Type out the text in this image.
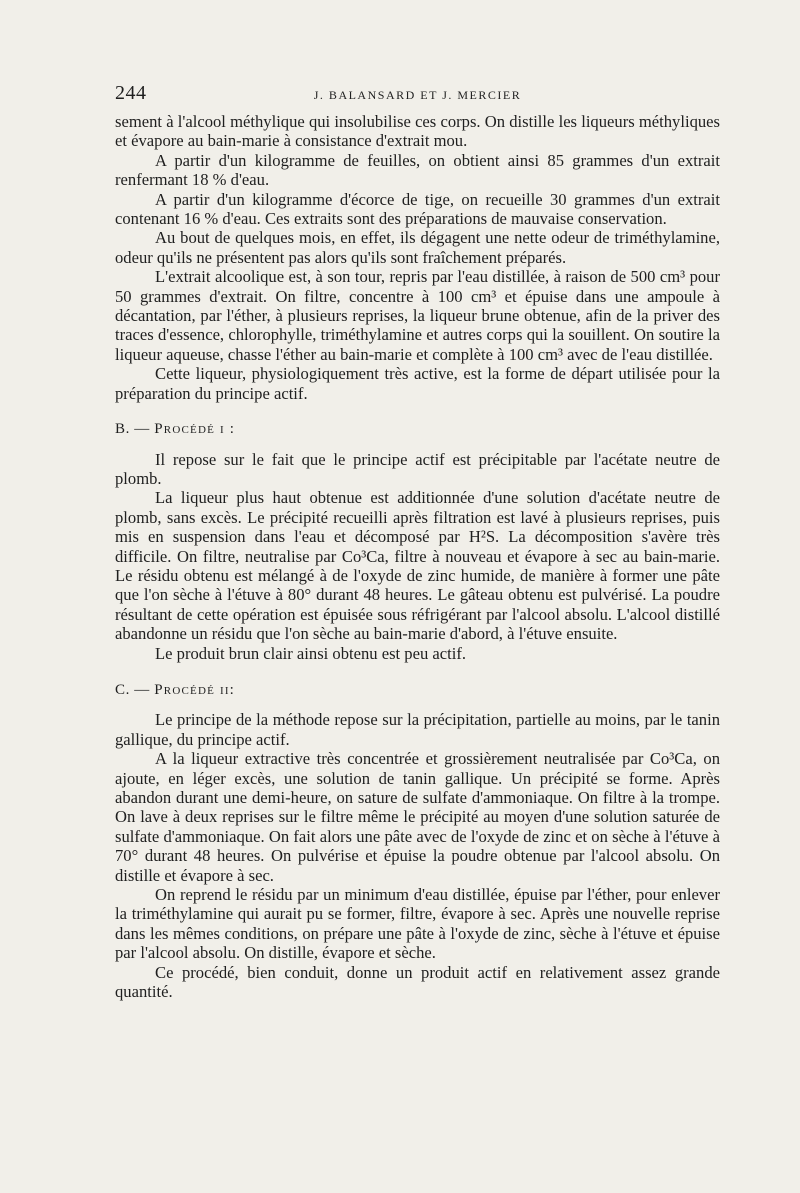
244	J. BALANSARD ET J. MERCIER

sement à l'alcool méthylique qui insolubilise ces corps. On distille les liqueurs méthyliques et évapore au bain-marie à consistance d'extrait mou.

A partir d'un kilogramme de feuilles, on obtient ainsi 85 grammes d'un extrait renfermant 18 % d'eau.

A partir d'un kilogramme d'écorce de tige, on recueille 30 grammes d'un extrait contenant 16 % d'eau. Ces extraits sont des préparations de mauvaise conservation.

Au bout de quelques mois, en effet, ils dégagent une nette odeur de triméthylamine, odeur qu'ils ne présentent pas alors qu'ils sont fraîchement préparés.

L'extrait alcoolique est, à son tour, repris par l'eau distillée, à raison de 500 cm³ pour 50 grammes d'extrait. On filtre, concentre à 100 cm³ et épuise dans une ampoule à décantation, par l'éther, à plusieurs reprises, la liqueur brune obtenue, afin de la priver des traces d'essence, chlorophylle, triméthylamine et autres corps qui la souillent. On soutire la liqueur aqueuse, chasse l'éther au bain-marie et complète à 100 cm³ avec de l'eau distillée.

Cette liqueur, physiologiquement très active, est la forme de départ utilisée pour la préparation du principe actif.

B. — Procédé i :

Il repose sur le fait que le principe actif est précipitable par l'acétate neutre de plomb.

La liqueur plus haut obtenue est additionnée d'une solution d'acétate neutre de plomb, sans excès. Le précipité recueilli après filtration est lavé à plusieurs reprises, puis mis en suspension dans l'eau et décomposé par H²S. La décomposition s'avère très difficile. On filtre, neutralise par Co³Ca, filtre à nouveau et évapore à sec au bain-marie. Le résidu obtenu est mélangé à de l'oxyde de zinc humide, de manière à former une pâte que l'on sèche à l'étuve à 80° durant 48 heures. Le gâteau obtenu est pulvérisé. La poudre résultant de cette opération est épuisée sous réfrigérant par l'alcool absolu. L'alcool distillé abandonne un résidu que l'on sèche au bain-marie d'abord, à l'étuve ensuite.

Le produit brun clair ainsi obtenu est peu actif.

C. — Procédé ii:

Le principe de la méthode repose sur la précipitation, partielle au moins, par le tanin gallique, du principe actif.

A la liqueur extractive très concentrée et grossièrement neutralisée par Co³Ca, on ajoute, en léger excès, une solution de tanin gallique. Un précipité se forme. Après abandon durant une demi-heure, on sature de sulfate d'ammoniaque. On filtre à la trompe. On lave à deux reprises sur le filtre même le précipité au moyen d'une solution saturée de sulfate d'ammoniaque. On fait alors une pâte avec de l'oxyde de zinc et on sèche à l'étuve à 70° durant 48 heures. On pulvérise et épuise la poudre obtenue par l'alcool absolu. On distille et évapore à sec.

On reprend le résidu par un minimum d'eau distillée, épuise par l'éther, pour enlever la triméthylamine qui aurait pu se former, filtre, évapore à sec. Après une nouvelle reprise dans les mêmes conditions, on prépare une pâte à l'oxyde de zinc, sèche à l'étuve et épuise par l'alcool absolu. On distille, évapore et sèche.

Ce procédé, bien conduit, donne un produit actif en relativement assez grande quantité.
